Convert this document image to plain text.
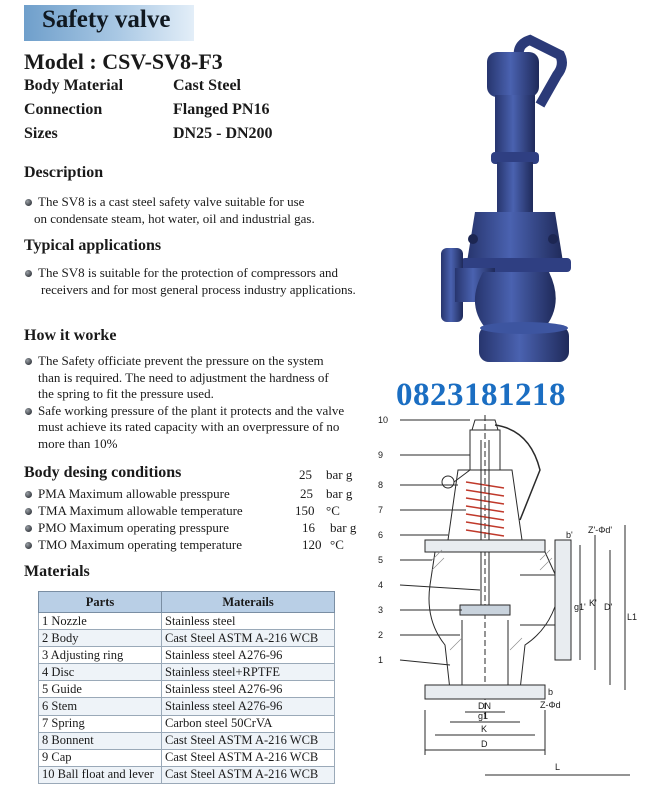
Safety valve
Model : CSV-SV8-F3
Body Material	Cast Steel
Connection	Flanged PN16
Sizes	DN25 - DN200
Description
The SV8 is a cast steel safety valve suitable for use
on condensate steam, hot water, oil and industrial gas.
Typical applications
The SV8 is suitable for the protection of compressors and
receivers and for most general process industry applications.
How it worke
The Safety officiate prevent the pressure on the system
than is required. The need to adjustment the hardness of
the spring to fit the pressure used.
Safe working pressure of the plant it protects and the valve
must achieve its rated capacity with an overpressure of no
more than 10%
Body desing conditions	25 bar g
PMA Maximum allowable presspure	25 bar g
TMA Maximum allowable temperature	150 °C
PMO Maximum operating presspure	16 bar g
TMO Maximum operating temperature	120 °C
Materials
Parts	Materails
1 Nozzle	Stainless steel
2 Body	Cast Steel ASTM A-216 WCB
3 Adjusting ring	Stainless steel A276-96
4 Disc	Stainless steel+RPTFE
5 Guide	Stainless steel A276-96
6 Stem	Stainless steel A276-96
7 Spring	Carbon steel 50CrVA
8 Bonnent	Cast Steel ASTM A-216 WCB
9 Cap	Cast Steel ASTM A-216 WCB
10 Ball float and lever	Cast Steel ASTM A-216 WCB
0823181218
10
9
8
7
6
5
4
3
2
1
Z'-Φd'
b'
g1' K' D'
L1
DN
g1
K
D
b
Z-Φd
L
